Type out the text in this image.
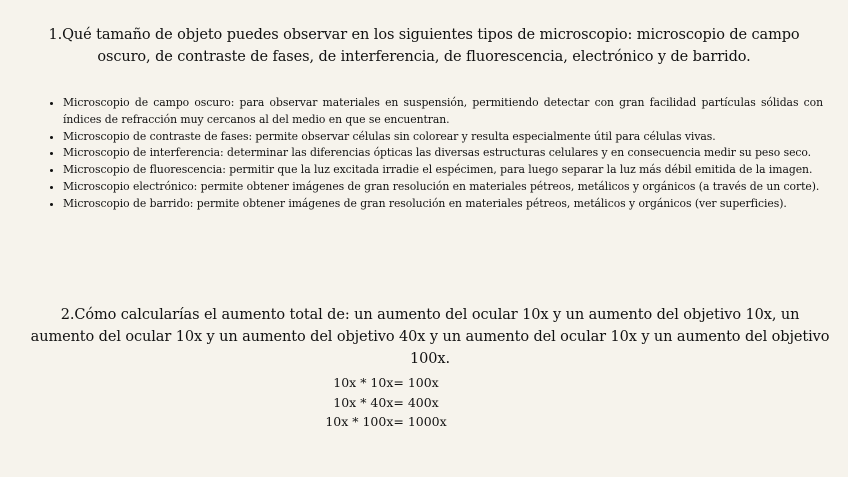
1.Qué tamaño de objeto puedes observar en los siguientes tipos de microscopio: microscopio de campo oscuro, de contraste de fases, de interferencia, de fluorescencia, electrónico y de barrido.
• Microscopio de campo oscuro: para observar materiales en suspensión, permitiendo detectar con gran facilidad partículas sólidas con índices de refracción muy cercanos al del medio en que se encuentran.
• Microscopio de contraste de fases: permite observar células sin colorear y resulta especialmente útil para células vivas.
• Microscopio de interferencia: determinar las diferencias ópticas las diversas estructuras celulares y en consecuencia medir su peso seco.
• Microscopio de fluorescencia: permitir que la luz excitada irradie el espécimen, para luego separar la luz más débil emitida de la imagen.
• Microscopio electrónico: permite obtener imágenes de gran resolución en materiales pétreos, metálicos y orgánicos (a través de un corte).
• Microscopio de barrido: permite obtener imágenes de gran resolución en materiales pétreos, metálicos y orgánicos (ver superficies).
2.Cómo calcularías el aumento total de: un aumento del ocular 10x y un aumento del objetivo 10x, un aumento del ocular 10x y un aumento del objetivo 40x y un aumento del ocular 10x y un aumento del objetivo 100x.
10x * 10x= 100x
10x * 40x= 400x
10x * 100x= 1000x
